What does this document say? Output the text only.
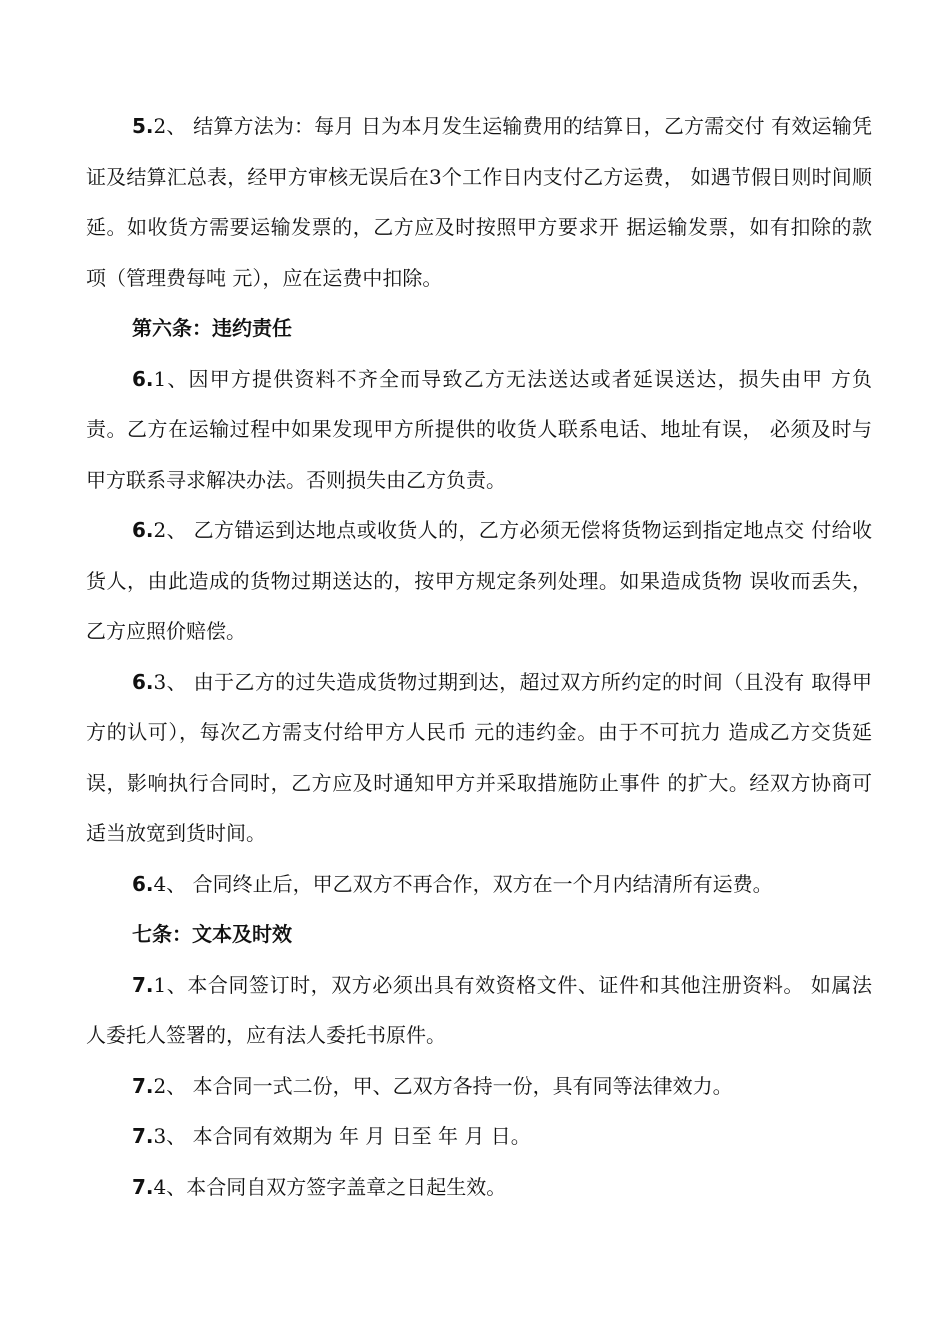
5.2、 结算方法为：每月 日为本月发生运输费用的结算日，乙方需交付 有效运输凭证及结算汇总表，经甲方审核无误后在3个工作日内支付乙方运费， 如遇节假日则时间顺延。如收货方需要运输发票的，乙方应及时按照甲方要求开 据运输发票，如有扣除的款项（管理费每吨 元），应在运费中扣除。

第六条：违约责任

6.1、因甲方提供资料不齐全而导致乙方无法送达或者延误送达，损失由甲 方负责。乙方在运输过程中如果发现甲方所提供的收货人联系电话、地址有误， 必须及时与甲方联系寻求解决办法。否则损失由乙方负责。

6.2、 乙方错运到达地点或收货人的，乙方必须无偿将货物运到指定地点交 付给收货人，由此造成的货物过期送达的，按甲方规定条列处理。如果造成货物 误收而丢失，乙方应照价赔偿。

6.3、 由于乙方的过失造成货物过期到达，超过双方所约定的时间（且没有 取得甲方的认可），每次乙方需支付给甲方人民币 元的违约金。由于不可抗力 造成乙方交货延误，影响执行合同时，乙方应及时通知甲方并采取措施防止事件 的扩大。经双方协商可适当放宽到货时间。

6.4、 合同终止后，甲乙双方不再合作，双方在一个月内结清所有运费。

七条：文本及时效

7.1、本合同签订时，双方必须出具有效资格文件、证件和其他注册资料。 如属法人委托人签署的，应有法人委托书原件。

7.2、 本合同一式二份，甲、乙双方各持一份，具有同等法律效力。

7.3、 本合同有效期为 年 月 日至 年 月 日。

7.4、本合同自双方签字盖章之日起生效。
